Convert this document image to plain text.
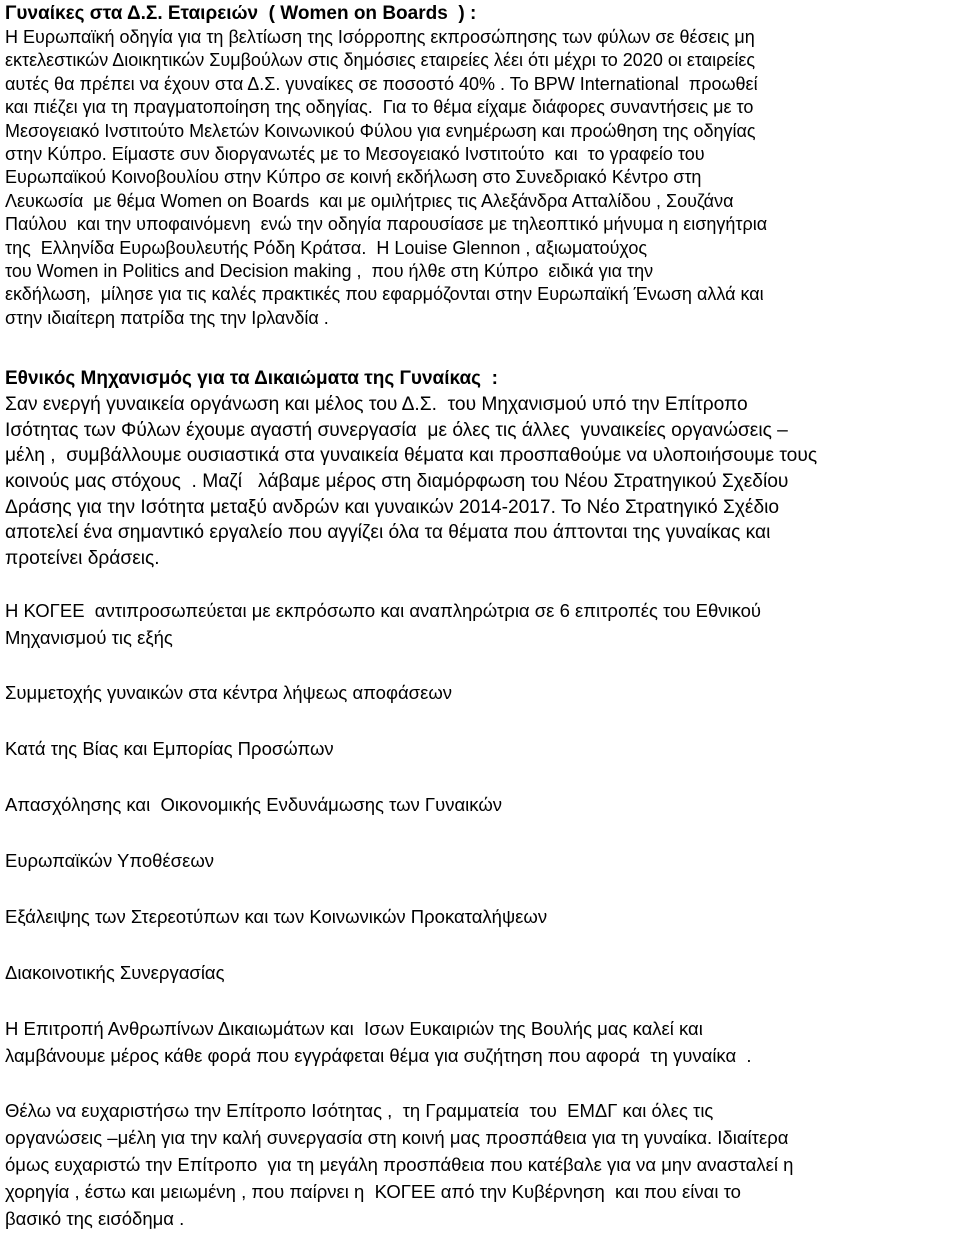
Γυναίκες στα Δ.Σ. Εταιρειών  ( Women on Boards  ) :

Η Ευρωπαϊκή οδηγία για τη βελτίωση της Ισόρροπης εκπροσώπησης των φύλων σε θέσεις μη
εκτελεστικών Διοικητικών Συμβούλων στις δημόσιες εταιρείες λέει ότι μέχρι το 2020 οι εταιρείες
αυτές θα πρέπει να έχουν στα Δ.Σ. γυναίκες σε ποσοστό 40% . Το BPW International  προωθεί
και πιέζει για τη πραγματοποίηση της οδηγίας.  Για το θέμα είχαμε διάφορες συναντήσεις με το
Μεσογειακό Ινστιτούτο Μελετών Κοινωνικού Φύλου για ενημέρωση και προώθηση της οδηγίας
στην Κύπρο. Είμαστε συν διοργανωτές με το Μεσογειακό Ινστιτούτο  και  το γραφείο του
Ευρωπαϊκού Κοινοβουλίου στην Κύπρο σε κοινή εκδήλωση στο Συνεδριακό Κέντρο στη
Λευκωσία  με θέμα Women on Boards  και με ομιλήτριες τις Αλεξάνδρα Ατταλίδου , Σουζάνα
Παύλου  και την υποφαινόμενη  ενώ την οδηγία παρουσίασε με τηλεοπτικό μήνυμα η εισηγήτρια
της  Ελληνίδα Ευρωβουλευτής Ρόδη Κράτσα.  Η Louise Glennon , αξιωματούχος
του Women in Politics and Decision making ,  που ήλθε στη Κύπρο  ειδικά για την
εκδήλωση,  μίλησε για τις καλές πρακτικές που εφαρμόζονται στην Ευρωπαϊκή Ένωση αλλά και
στην ιδιαίτερη πατρίδα της την Ιρλανδία .

Εθνικός Μηχανισμός για τα Δικαιώματα της Γυναίκας  :

Σαν ενεργή γυναικεία οργάνωση και μέλος του Δ.Σ.  του Μηχανισμού υπό την Επίτροπο
Ισότητας των Φύλων έχουμε αγαστή συνεργασία  με όλες τις άλλες  γυναικείες οργανώσεις –
μέλη ,  συμβάλλουμε ουσιαστικά στα γυναικεία θέματα και προσπαθούμε να υλοποιήσουμε τους
κοινούς μας στόχους  . Μαζί   λάβαμε μέρος στη διαμόρφωση του Νέου Στρατηγικού Σχεδίου
Δράσης για την Ισότητα μεταξύ ανδρών και γυναικών 2014-2017. Το Νέο Στρατηγικό Σχέδιο
αποτελεί ένα σημαντικό εργαλείο που αγγίζει όλα τα θέματα που άπτονται της γυναίκας και
προτείνει δράσεις.

Η ΚΟΓΕΕ  αντιπροσωπεύεται με εκπρόσωπο και αναπληρώτρια σε 6 επιτροπές του Εθνικού
Μηχανισμού τις εξής

Συμμετοχής γυναικών στα κέντρα λήψεως αποφάσεων

Κατά της Βίας και Εμπορίας Προσώπων

Απασχόλησης και  Οικονομικής Ενδυνάμωσης των Γυναικών

Ευρωπαϊκών Υποθέσεων

Εξάλειψης των Στερεοτύπων και των Κοινωνικών Προκαταλήψεων

Διακοινοτικής Συνεργασίας

Η Επιτροπή Ανθρωπίνων Δικαιωμάτων και  Ισων Ευκαιριών της Βουλής μας καλεί και
λαμβάνουμε μέρος κάθε φορά που εγγράφεται θέμα για συζήτηση που αφορά  τη γυναίκα  .

Θέλω να ευχαριστήσω την Επίτροπο Ισότητας ,  τη Γραμματεία  του  ΕΜΔΓ και όλες τις
οργανώσεις –μέλη για την καλή συνεργασία στη κοινή μας προσπάθεια για τη γυναίκα. Ιδιαίτερα
όμως ευχαριστώ την Επίτροπο  για τη μεγάλη προσπάθεια που κατέβαλε για να μην ανασταλεί η
χορηγία , έστω και μειωμένη , που παίρνει η  ΚΟΓΕΕ από την Κυβέρνηση  και που είναι το
βασικό της εισόδημα .
